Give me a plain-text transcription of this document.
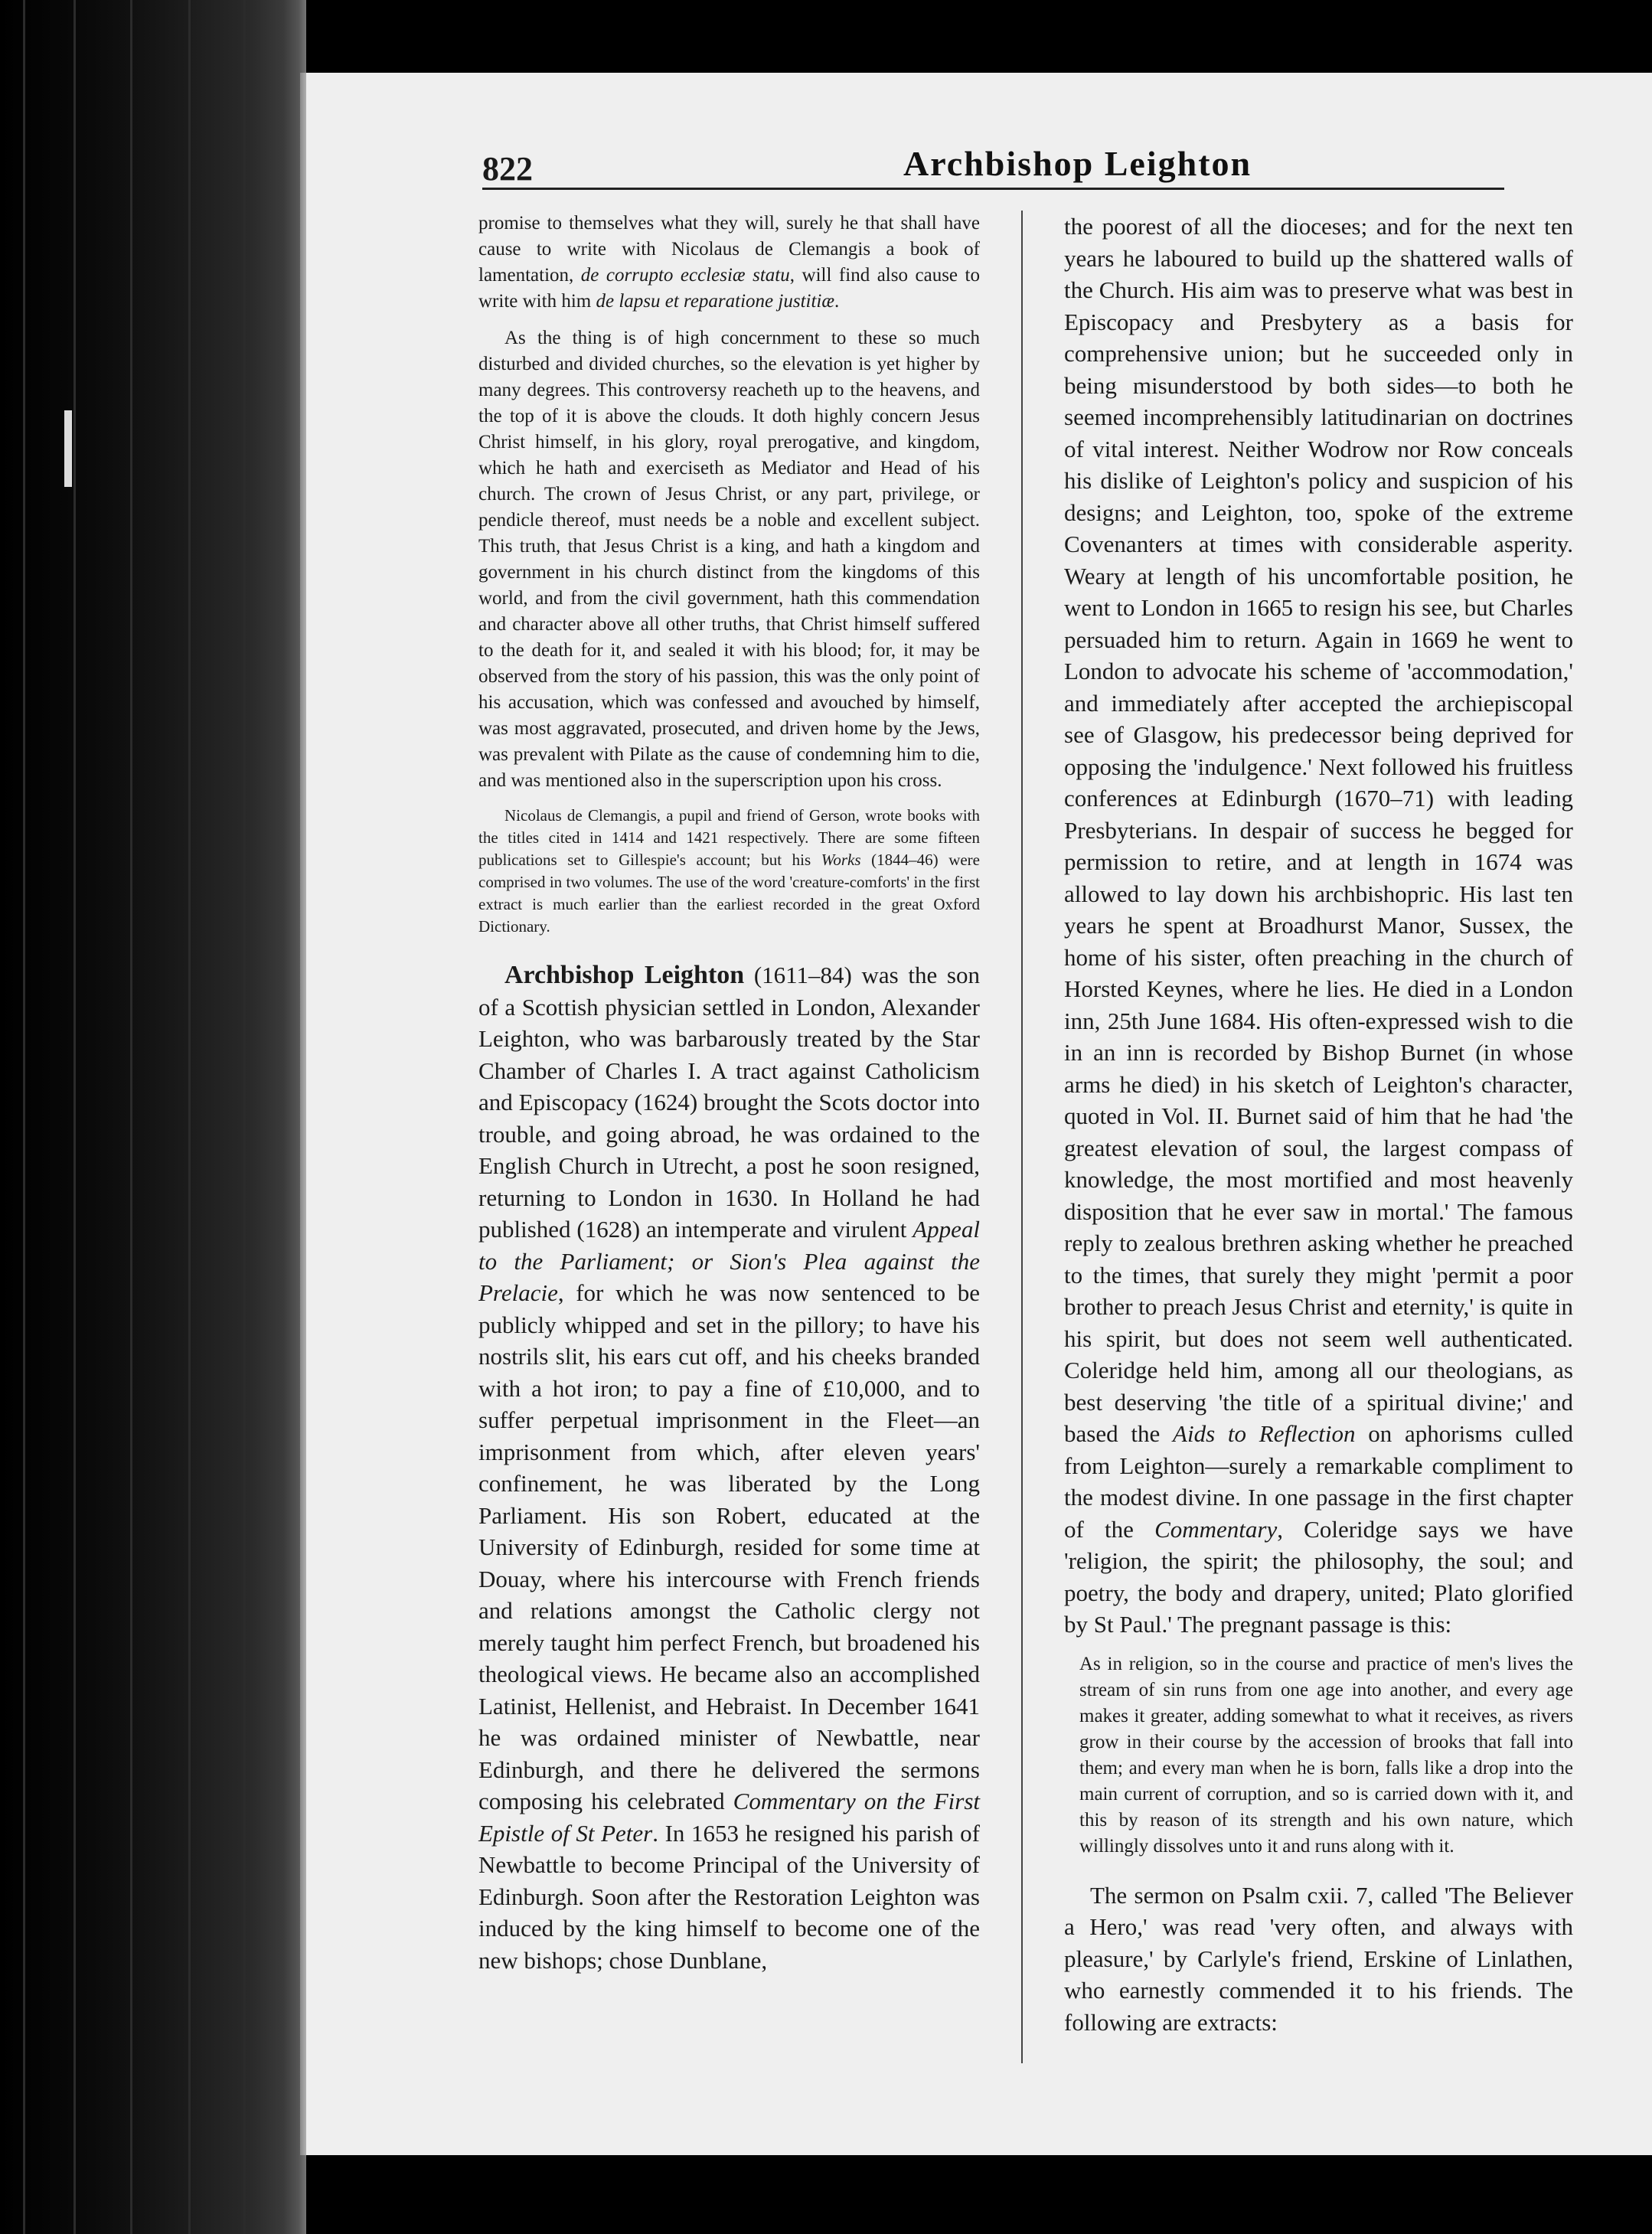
822	Archbishop Leighton

promise to themselves what they will, surely he that shall have cause to write with Nicolaus de Clemangis a book of lamentation, de corrupto ecclesiæ statu, will find also cause to write with him de lapsu et reparatione justitiæ.

As the thing is of high concernment to these so much disturbed and divided churches, so the elevation is yet higher by many degrees. This controversy reacheth up to the heavens, and the top of it is above the clouds. It doth highly concern Jesus Christ himself, in his glory, royal prerogative, and kingdom, which he hath and exerciseth as Mediator and Head of his church. The crown of Jesus Christ, or any part, privilege, or pendicle thereof, must needs be a noble and excellent subject. This truth, that Jesus Christ is a king, and hath a kingdom and government in his church distinct from the kingdoms of this world, and from the civil government, hath this commendation and character above all other truths, that Christ himself suffered to the death for it, and sealed it with his blood; for, it may be observed from the story of his passion, this was the only point of his accusation, which was confessed and avouched by himself, was most aggravated, prosecuted, and driven home by the Jews, was prevalent with Pilate as the cause of condemning him to die, and was mentioned also in the superscription upon his cross.

Nicolaus de Clemangis, a pupil and friend of Gerson, wrote books with the titles cited in 1414 and 1421 respectively. There are some fifteen publications set to Gillespie's account; but his Works (1844–46) were comprised in two volumes. The use of the word 'creature-comforts' in the first extract is much earlier than the earliest recorded in the great Oxford Dictionary.

Archbishop Leighton (1611–84) was the son of a Scottish physician settled in London, Alexander Leighton, who was barbarously treated by the Star Chamber of Charles I. A tract against Catholicism and Episcopacy (1624) brought the Scots doctor into trouble, and going abroad, he was ordained to the English Church in Utrecht, a post he soon resigned, returning to London in 1630. In Holland he had published (1628) an intemperate and virulent Appeal to the Parliament; or Sion's Plea against the Prelacie, for which he was now sentenced to be publicly whipped and set in the pillory; to have his nostrils slit, his ears cut off, and his cheeks branded with a hot iron; to pay a fine of £10,000, and to suffer perpetual imprisonment in the Fleet—an imprisonment from which, after eleven years' confinement, he was liberated by the Long Parliament. His son Robert, educated at the University of Edinburgh, resided for some time at Douay, where his intercourse with French friends and relations amongst the Catholic clergy not merely taught him perfect French, but broadened his theological views. He became also an accomplished Latinist, Hellenist, and Hebraist. In December 1641 he was ordained minister of Newbattle, near Edinburgh, and there he delivered the sermons composing his celebrated Commentary on the First Epistle of St Peter. In 1653 he resigned his parish of Newbattle to become Principal of the University of Edinburgh. Soon after the Restoration Leighton was induced by the king himself to become one of the new bishops; chose Dunblane,

the poorest of all the dioceses; and for the next ten years he laboured to build up the shattered walls of the Church. His aim was to preserve what was best in Episcopacy and Presbytery as a basis for comprehensive union; but he succeeded only in being misunderstood by both sides—to both he seemed incomprehensibly latitudinarian on doctrines of vital interest. Neither Wodrow nor Row conceals his dislike of Leighton's policy and suspicion of his designs; and Leighton, too, spoke of the extreme Covenanters at times with considerable asperity. Weary at length of his uncomfortable position, he went to London in 1665 to resign his see, but Charles persuaded him to return. Again in 1669 he went to London to advocate his scheme of 'accommodation,' and immediately after accepted the archiepiscopal see of Glasgow, his predecessor being deprived for opposing the 'indulgence.' Next followed his fruitless conferences at Edinburgh (1670–71) with leading Presbyterians. In despair of success he begged for permission to retire, and at length in 1674 was allowed to lay down his archbishopric. His last ten years he spent at Broadhurst Manor, Sussex, the home of his sister, often preaching in the church of Horsted Keynes, where he lies. He died in a London inn, 25th June 1684. His often-expressed wish to die in an inn is recorded by Bishop Burnet (in whose arms he died) in his sketch of Leighton's character, quoted in Vol. II. Burnet said of him that he had 'the greatest elevation of soul, the largest compass of knowledge, the most mortified and most heavenly disposition that he ever saw in mortal.' The famous reply to zealous brethren asking whether he preached to the times, that surely they might 'permit a poor brother to preach Jesus Christ and eternity,' is quite in his spirit, but does not seem well authenticated. Coleridge held him, among all our theologians, as best deserving 'the title of a spiritual divine;' and based the Aids to Reflection on aphorisms culled from Leighton—surely a remarkable compliment to the modest divine. In one passage in the first chapter of the Commentary, Coleridge says we have 'religion, the spirit; the philosophy, the soul; and poetry, the body and drapery, united; Plato glorified by St Paul.' The pregnant passage is this:

As in religion, so in the course and practice of men's lives the stream of sin runs from one age into another, and every age makes it greater, adding somewhat to what it receives, as rivers grow in their course by the accession of brooks that fall into them; and every man when he is born, falls like a drop into the main current of corruption, and so is carried down with it, and this by reason of its strength and his own nature, which willingly dissolves unto it and runs along with it.

The sermon on Psalm cxii. 7, called 'The Believer a Hero,' was read 'very often, and always with pleasure,' by Carlyle's friend, Erskine of Linlathen, who earnestly commended it to his friends. The following are extracts:
